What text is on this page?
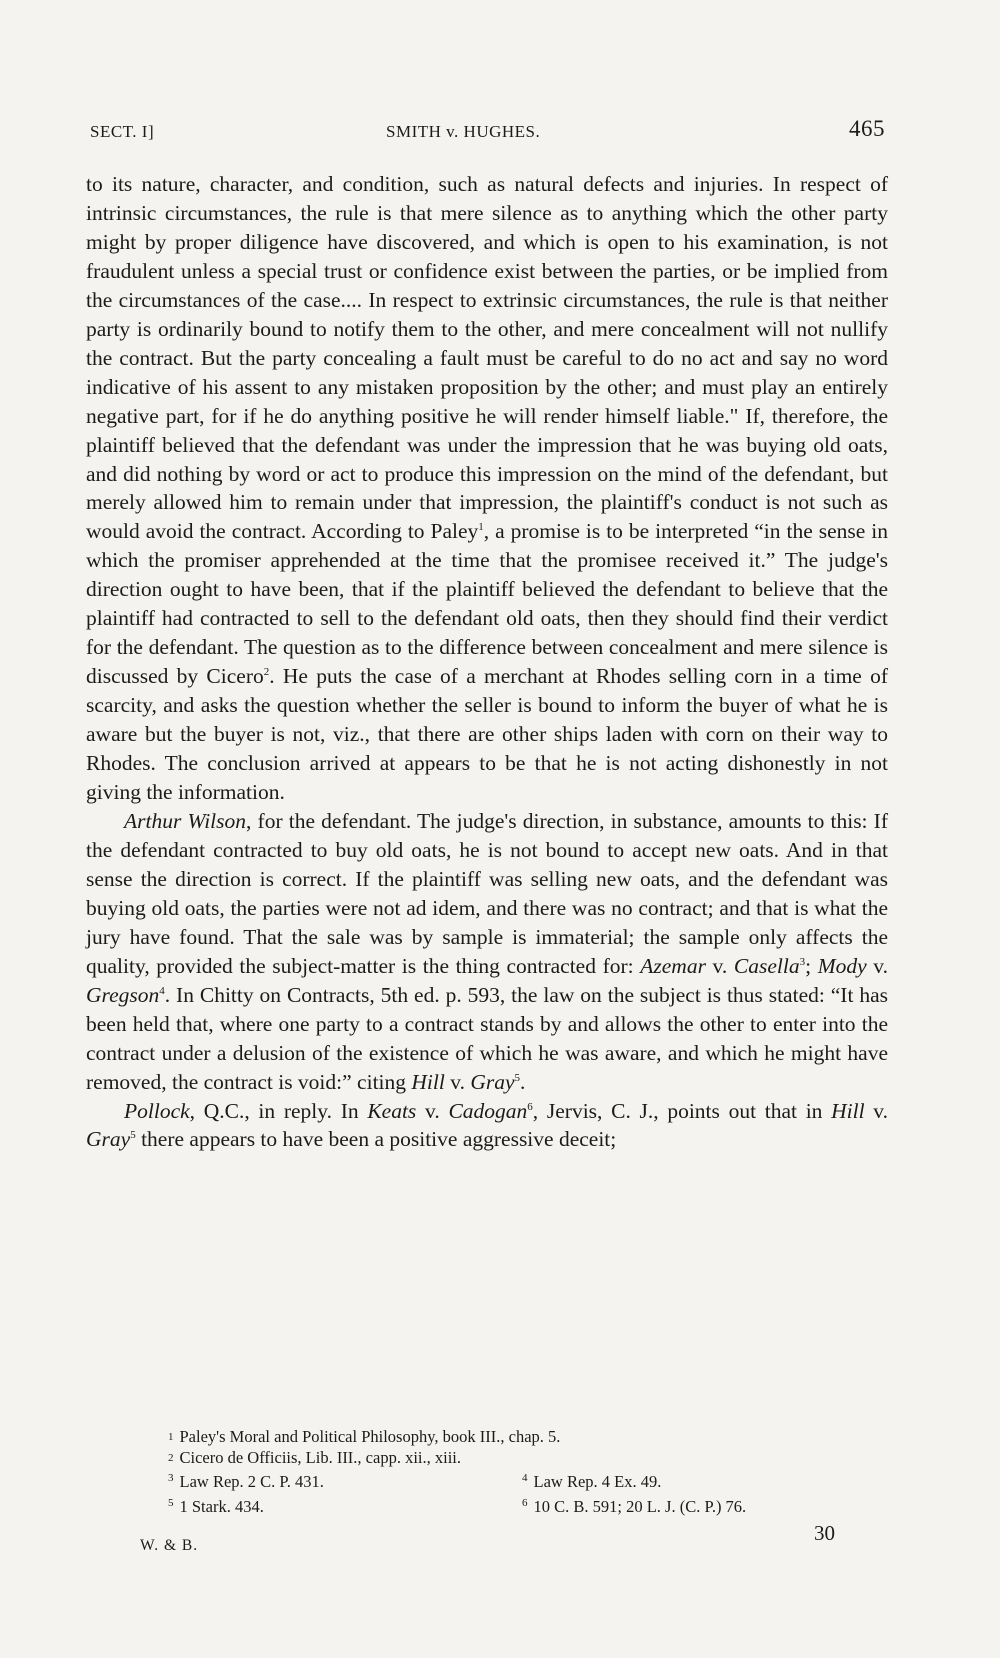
SECT. I]	SMITH v. HUGHES.	465

to its nature, character, and condition, such as natural defects and injuries. In respect of intrinsic circumstances, the rule is that mere silence as to anything which the other party might by proper diligence have discovered, and which is open to his examination, is not fraudulent unless a special trust or confidence exist between the parties, or be implied from the circumstances of the case.... In respect to extrinsic circumstances, the rule is that neither party is ordinarily bound to notify them to the other, and mere concealment will not nullify the contract. But the party concealing a fault must be careful to do no act and say no word indicative of his assent to any mistaken proposition by the other; and must play an entirely negative part, for if he do anything positive he will render himself liable." If, therefore, the plaintiff believed that the defendant was under the impression that he was buying old oats, and did nothing by word or act to produce this impression on the mind of the defendant, but merely allowed him to remain under that impression, the plaintiff's conduct is not such as would avoid the contract. According to Paley$^1$, a promise is to be interpreted “in the sense in which the promiser apprehended at the time that the promisee received it.” The judge's direction ought to have been, that if the plaintiff believed the defendant to believe that the plaintiff had contracted to sell to the defendant old oats, then they should find their verdict for the defendant. The question as to the difference between concealment and mere silence is discussed by Cicero$^2$. He puts the case of a merchant at Rhodes selling corn in a time of scarcity, and asks the question whether the seller is bound to inform the buyer of what he is aware but the buyer is not, viz., that there are other ships laden with corn on their way to Rhodes. The conclusion arrived at appears to be that he is not acting dishonestly in not giving the information.

Arthur Wilson, for the defendant. The judge's direction, in substance, amounts to this: If the defendant contracted to buy old oats, he is not bound to accept new oats. And in that sense the direction is correct. If the plaintiff was selling new oats, and the defendant was buying old oats, the parties were not ad idem, and there was no contract; and that is what the jury have found. That the sale was by sample is immaterial; the sample only affects the quality, provided the subject-matter is the thing contracted for: Azemar v. Casella$^3$; Mody v. Gregson$^4$. In Chitty on Contracts, 5th ed. p. 593, the law on the subject is thus stated: “It has been held that, where one party to a contract stands by and allows the other to enter into the contract under a delusion of the existence of which he was aware, and which he might have removed, the contract is void:” citing Hill v. Gray$^5$.

Pollock, Q.C., in reply. In Keats v. Cadogan$^6$, Jervis, C. J., points out that in Hill v. Gray$^5$ there appears to have been a positive aggressive deceit;

1 Paley's Moral and Political Philosophy, book III., chap. 5.
2 Cicero de Officiis, Lib. III., capp. xii., xiii.
$^3$ Law Rep. 2 C. P. 431.	$^4$ Law Rep. 4 Ex. 49.
$^5$ 1 Stark. 434.	$^6$ 10 C. B. 591; 20 L. J. (C. P.) 76.
W. & B.
30
